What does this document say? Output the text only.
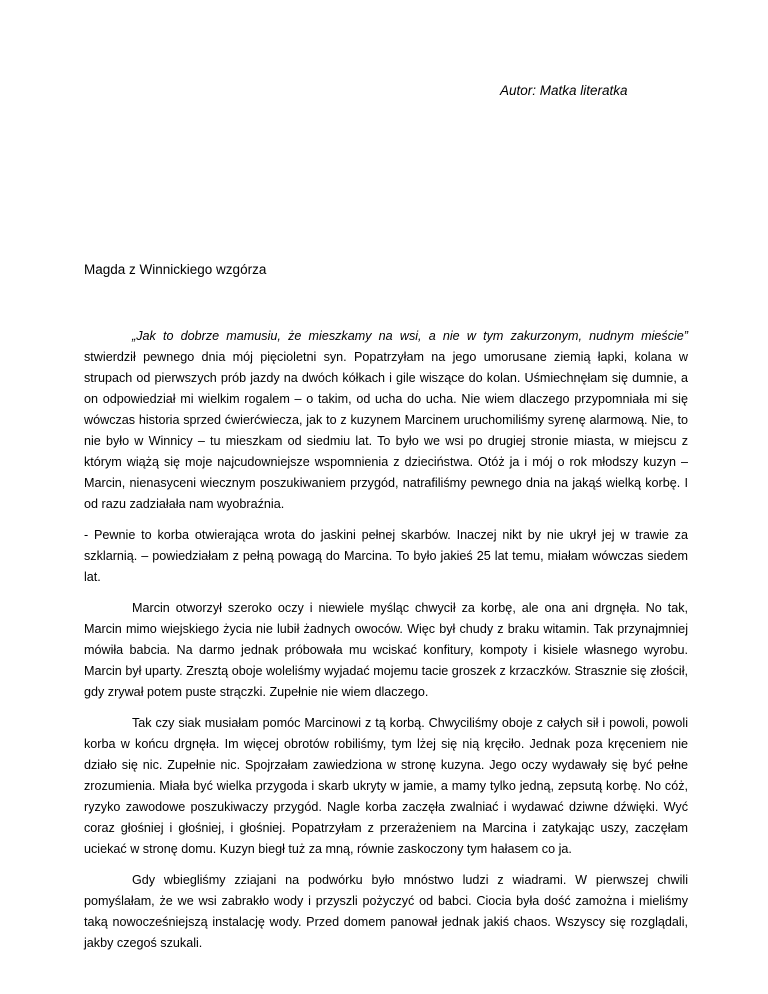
Autor: Matka literatka
Magda z Winnickiego wzgórza

„Jak to dobrze mamusiu, że mieszkamy na wsi, a nie w tym zakurzonym, nudnym mieście” stwierdził pewnego dnia mój pięcioletni syn. Popatrzyłam na jego umorusane ziemią łapki, kolana w strupach od pierwszych prób jazdy na dwóch kółkach i gile wiszące do kolan. Uśmiechnęłam się dumnie, a on odpowiedział mi wielkim rogalem – o takim, od ucha do ucha. Nie wiem dlaczego przypomniała mi się wówczas historia sprzed ćwierćwiecza, jak to z kuzynem Marcinem uruchomiliśmy syrenę alarmową. Nie, to nie było w Winnicy – tu mieszkam od siedmiu lat. To było we wsi po drugiej stronie miasta, w miejscu z którym wiążą się moje najcudowniejsze wspomnienia z dzieciństwa. Otóż ja i mój o rok młodszy kuzyn – Marcin, nienasyceni wiecznym poszukiwaniem przygód, natrafiliśmy pewnego dnia na jakąś wielką korbę. I od razu zadziałała nam wyobraźnia.

- Pewnie to korba otwierająca wrota do jaskini pełnej skarbów. Inaczej nikt by nie ukrył jej w trawie za szklarnią. – powiedziałam z pełną powagą do Marcina. To było jakieś 25 lat temu, miałam wówczas siedem lat.

Marcin otworzył szeroko oczy i niewiele myśląc chwycił za korbę, ale ona ani drgnęła. No tak, Marcin mimo wiejskiego życia nie lubił żadnych owoców. Więc był chudy z braku witamin. Tak przynajmniej mówiła babcia. Na darmo jednak próbowała mu wciskać konfitury, kompoty i kisiele własnego wyrobu. Marcin był uparty. Zresztą oboje woleliśmy wyjadać mojemu tacie groszek z krzaczków. Strasznie się złościł, gdy zrywał potem puste strączki. Zupełnie nie wiem dlaczego.

Tak czy siak musiałam pomóc Marcinowi z tą korbą. Chwyciliśmy oboje z całych sił i powoli, powoli korba w końcu drgnęła. Im więcej obrotów robiliśmy, tym lżej się nią kręciło. Jednak poza kręceniem nie działo się nic. Zupełnie nic. Spojrzałam zawiedziona w stronę kuzyna. Jego oczy wydawały się być pełne zrozumienia. Miała być wielka przygoda i skarb ukryty w jamie, a mamy tylko jedną, zepsutą korbę. No cóż, ryzyko zawodowe poszukiwaczy przygód. Nagle korba zaczęła zwalniać i wydawać dziwne dźwięki. Wyć coraz głośniej i głośniej, i głośniej. Popatrzyłam z przerażeniem na Marcina i zatykając uszy, zaczęłam uciekać w stronę domu. Kuzyn biegł tuż za mną, równie zaskoczony tym hałasem co ja.

Gdy wbiegliśmy zziajani na podwórku było mnóstwo ludzi z wiadrami. W pierwszej chwili pomyślałam, że we wsi zabrakło wody i przyszli pożyczyć od babci. Ciocia była dość zamożna i mieliśmy taką nowocześniejszą instalację wody. Przed domem panował jednak jakiś chaos. Wszyscy się rozglądali, jakby czegoś szukali.
